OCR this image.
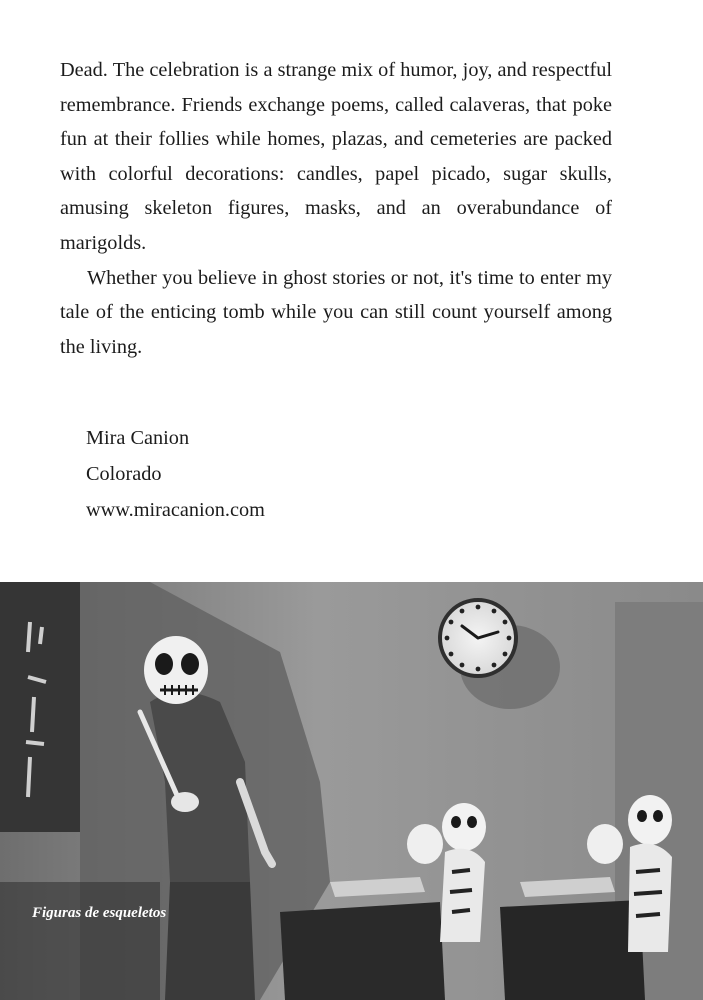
Dead. The celebration is a strange mix of humor, joy, and respectful remembrance. Friends exchange poems, called calaveras, that poke fun at their follies while homes, plazas, and cemeteries are packed with colorful decorations: candles, papel picado, sugar skulls, amusing skeleton figures, masks, and an overabundance of marigolds.

Whether you believe in ghost stories or not, it's time to enter my tale of the enticing tomb while you can still count yourself among the living.

Mira Canion
Colorado
www.miracanion.com
Figuras de esqueletos
